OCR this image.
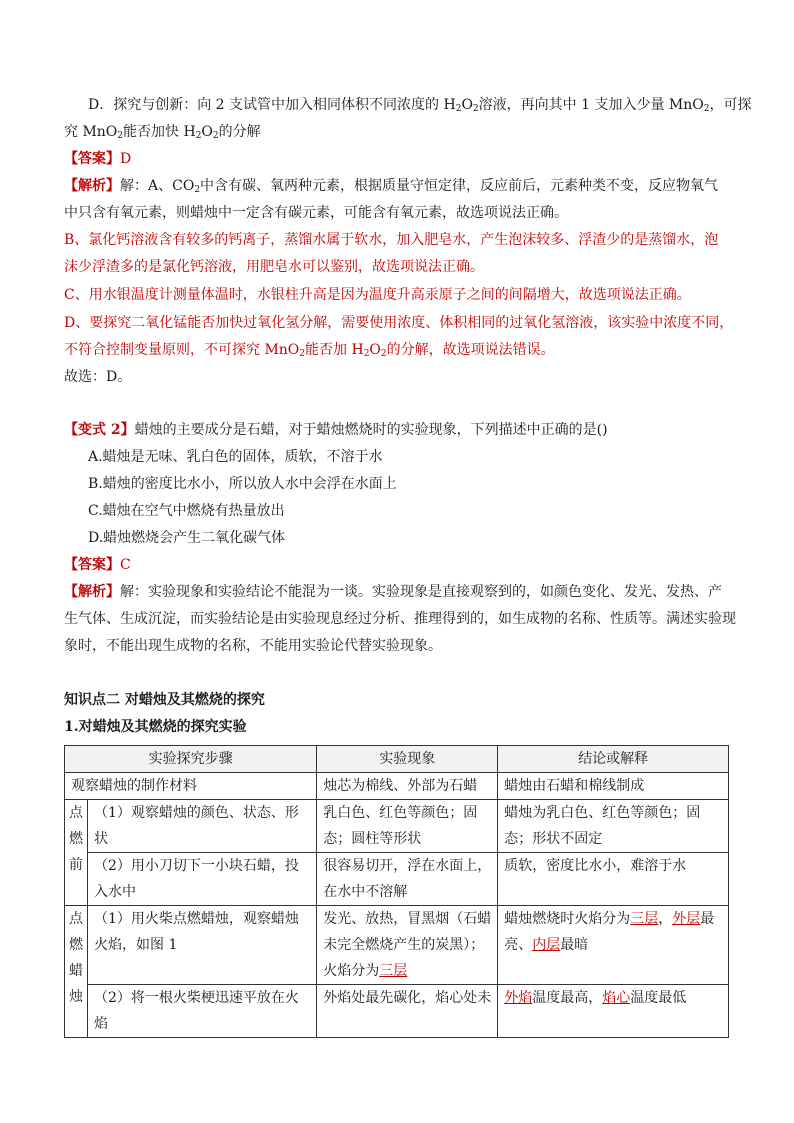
D．探究与创新：向 2 支试管中加入相同体积不同浓度的 $H_2O_2$溶液，再向其中 1 支加入少量 MnO$_2$，可探
究 MnO$_2$能否加快 $H_2O_2$的分解
【答案】D
【解析】解：A、$CO_2$中含有碳、氧两种元素，根据质量守恒定律，反应前后，元素种类不变，反应物氧气
中只含有氧元素，则蜡烛中一定含有碳元素，可能含有氧元素，故选项说法正确。
B、氯化钙溶液含有较多的钙离子，蒸馏水属于软水，加入肥皂水，产生泡沫较多、浮渣少的是蒸馏水，泡
沫少浮渣多的是氯化钙溶液，用肥皂水可以鉴别，故选项说法正确。
C、用水银温度计测量体温时，水银柱升高是因为温度升高汞原子之间的间隔增大，故选项说法正确。
D、要探究二氧化锰能否加快过氧化氢分解，需要使用浓度、体积相同的过氧化氢溶液，该实验中浓度不同，
不符合控制变量原则，不可探究 MnO$_2$能否加 $H_2O_2$的分解，故选项说法错误。
故选：D。
【变式 2】蜡烛的主要成分是石蜡，对于蜡烛燃烧时的实验现象，下列描述中正确的是()
A.蜡烛是无味、乳白色的固体，质软，不溶于水
B.蜡烛的密度比水小，所以放人水中会浮在水面上
C.蜡烛在空气中燃烧有热量放出
D.蜡烛燃烧会产生二氧化碳气体
【答案】C
【解析】解：实验现象和实验结论不能混为一谈。实验现象是直接观察到的，如颜色变化、发光、发热、产
生气体、生成沉淀，而实验结论是由实验现息经过分析、推理得到的，如生成物的名称、性质等。满述实验现
象时，不能出现生成物的名称，不能用实验论代替实验现象。
知识点二 对蜡烛及其燃烧的探究
1.对蜡烛及其燃烧的探究实验
实验探究步骤		实验现象	结论或解释
观察蜡烛的制作材料		烛芯为棉线、外部为石蜡	蜡烛由石蜡和棉线制成
点
燃
前	（1）观察蜡烛的颜色、状态、形状	乳白色、红色等颜色；固态；圆柱等形状	蜡烛为乳白色、红色等颜色；固态；形状不固定
	（2）用小刀切下一小块石蜡，投入水中	很容易切开，浮在水面上，在水中不溶解	质软，密度比水小，难溶于水
点
燃
蜡
烛	（1）用火柴点燃蜡烛，观察蜡烛火焰，如图 1	发光、放热，冒黑烟（石蜡未完全燃烧产生的炭黑）；火焰分为三层	蜡烛燃烧时火焰分为三层，外层最亮、内层最暗
	（2）将一根火柴梗迅速平放在火焰	外焰处最先碳化，焰心处未	外焰温度最高，焰心温度最低
